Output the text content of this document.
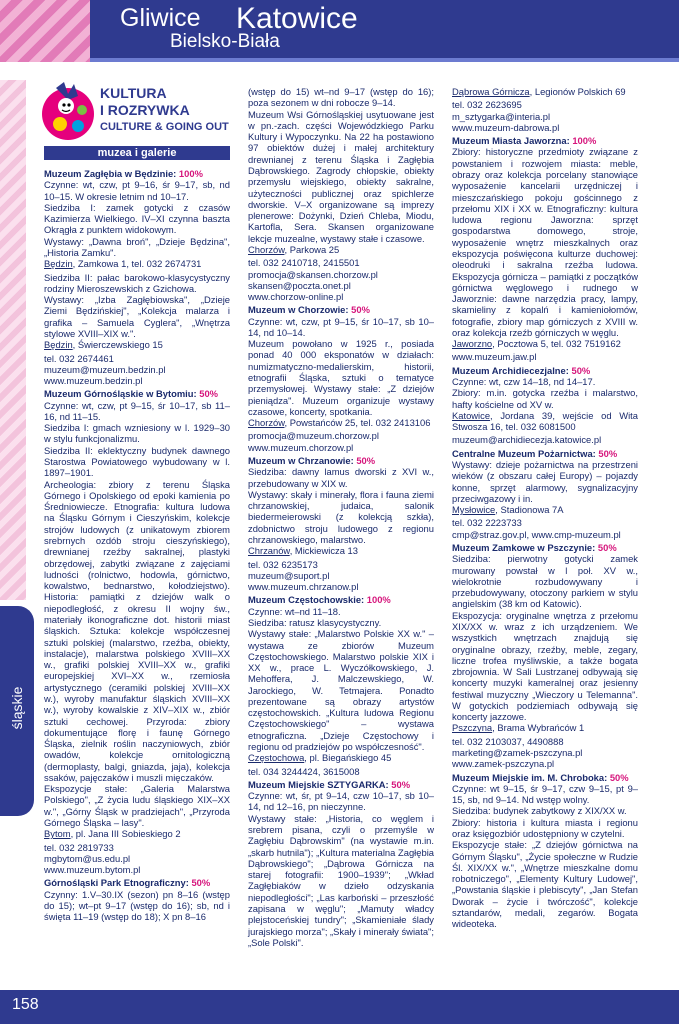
Gliwice Katowice
Bielsko-Biała
śląskie
KULTURA
I ROZRYWKA
CULTURE & GOING OUT
muzea i galerie

Muzeum Zagłębia w Będzinie: 100%

Czynne: wt, czw, pt 9–16, śr 9–17, sb, nd 10–15. W okresie letnim nd 10–17.

Siedziba I: zamek gotycki z czasów Kazimierza Wielkiego. IV–XI czynna baszta Okrągła z punktem widokowym.

Wystawy: „Dawna broń", „Dzieje Będzina", „Historia Zamku".

Będzin, Zamkowa 1, tel. 032 2674731

Siedziba II: pałac barokowo-klasycystyczny rodziny Mieroszewskich z Gzichowa.

Wystawy: „Izba Zagłębiowska", „Dzieje Ziemi Będzińskiej", „Kolekcja malarza i grafika – Samuela Cyglera", „Wnętrza stylowe XVIII–XIX w.".

Będzin, Świerczewskiego 15

tel. 032 2674461

muzeum@muzeum.bedzin.pl

www.muzeum.bedzin.pl

Muzeum Górnośląskie w Bytomiu: 50%

Czynne: wt, czw, pt 9–15, śr 10–17, sb 11–16, nd 11–15.

Siedziba I: gmach wzniesiony w l. 1929–30 w stylu funkcjonalizmu.

Siedziba II: eklektyczny budynek dawnego Starostwa Powiatowego wybudowany w l. 1897–1901.

Archeologia: zbiory z terenu Śląska Górnego i Opolskiego od epoki kamienia po Średniowiecze. Etnografia: kultura ludowa na Śląsku Górnym i Cieszyńskim, kolekcje strojów ludowych (z unikatowym zbiorem srebrnych ozdób stroju cieszyńskiego), drewnianej rzeźby sakralnej, plastyki obrzędowej, zabytki związane z zajęciami ludności (rolnictwo, hodowla, górnictwo, kowalstwo, bednarstwo, kołodziejstwo). Historia: pamiątki z dziejów walk o niepodległość, z okresu II wojny św., materiały ikonograficzne dot. historii miast śląskich. Sztuka: kolekcje współczesnej sztuki polskiej (malarstwo, rzeźba, obiekty, instalacje), malarstwa polskiego XVIII–XX w., grafiki polskiej XVIII–XX w., grafiki europejskiej XVI–XX w., rzemiosła artystycznego (ceramiki polskiej XVIII–XX w.), wyroby manufaktur śląskich XVIII–XX w.), wyroby kowalskie z XIV–XIX w., zbiór sztuki cechowej. Przyroda: zbiory dokumentujące florę i faunę Górnego Śląska, zielnik roślin naczyniowych, zbiór owadów, kolekcje ornitologiczną (dermoplasty, balgi, gniazda, jaja), kolekcja ssaków, pajęczaków i muszli mięczaków.

Ekspozycje stałe: „Galeria Malarstwa Polskiego", „Z życia ludu śląskiego XIX–XX w.", „Górny Śląsk w pradziejach", „Przyroda Górnego Śląska – lasy".

Bytom, pl. Jana III Sobieskiego 2

tel. 032 2819733

mgbytom@us.edu.pl

www.muzeum.bytom.pl

Górnośląski Park Etnograficzny: 50%

Czynny: 1.V–30.IX (sezon) pn 8–16 (wstęp do 15); wt–pt 9–17 (wstęp do 16); sb, nd i święta 11–19 (wstęp do 18); X pn 8–16

(wstęp do 15) wt–nd 9–17 (wstęp do 16); poza sezonem w dni robocze 9–14.

Muzeum Wsi Górnośląskiej usytuowane jest w pn.-zach. części Wojewódzkiego Parku Kultury i Wypoczynku. Na 22 ha postawiono 97 obiektów dużej i małej architektury drewnianej z terenu Śląska i Zagłębia Dąbrowskiego. Zagrody chłopskie, obiekty przemysłu wiejskiego, obiekty sakralne, użyteczności publicznej oraz spichlerze dworskie. V–X organizowane są imprezy plenerowe: Dożynki, Dzień Chleba, Miodu, Kartofla, Sera. Skansen organizowane lekcje muzealne, wystawy stałe i czasowe.

Chorzów, Parkowa 25

tel. 032 2410718, 2415501

promocja@skansen.chorzow.pl

skansen@poczta.onet.pl

www.chorzow-online.pl

Muzeum w Chorzowie: 50%

Czynne: wt, czw, pt 9–15, śr 10–17, sb 10–14, nd 10–14.

Muzeum powołano w 1925 r., posiada ponad 40 000 eksponatów w działach: numizmatyczno-medalierskim, historii, etnografii Śląska, sztuki o tematyce przemysłowej. Wystawy stałe: „Z dziejów pieniądza". Muzeum organizuje wystawy czasowe, koncerty, spotkania.

Chorzów, Powstańców 25, tel. 032 2413106

promocja@muzeum.chorzow.pl

www.muzeum.chorzow.pl

Muzeum w Chrzanowie: 50%

Siedziba: dawny lamus dworski z XVI w., przebudowany w XIX w.

Wystawy: skały i minerały, flora i fauna ziemi chrzanowskiej, judaica, salonik biedermeierowski (z kolekcją szkła), zdobnictwo stroju ludowego z regionu chrzanowskiego, malarstwo.

Chrzanów, Mickiewicza 13

tel. 032 6235173

muzeum@suport.pl

www.muzeum.chrzanow.pl

Muzeum Częstochowskie: 100%

Czynne: wt–nd 11–18.

Siedziba: ratusz klasycystyczny.

Wystawy stałe: „Malarstwo Polskie XX w." – wystawa ze zbiorów Muzeum Częstochowskiego. Malarstwo polskie XIX i XX w., prace L. Wyczółkowskiego, J. Mehoffera, J. Malczewskiego, W. Jarockiego, W. Tetmajera. Ponadto prezentowane są obrazy artystów częstochowskich. „Kultura ludowa Regionu Częstochowskiego" – wystawa etnograficzna. „Dzieje Częstochowy i regionu od pradziejów po współczesność".

Częstochowa, pl. Biegańskiego 45

tel. 034 3244424, 3615008

Muzeum Miejskie SZTYGARKA: 50%

Czynne: wt, śr, pt 9–14, czw 10–17, sb 10–14, nd 12–16, pn nieczynne.

Wystawy stałe: „Historia, co węglem i srebrem pisana, czyli o przemyśle w Zagłębiu Dąbrowskim" (na wystawie m.in. „skarb hutnila"); „Kultura materialna Zagłębia Dąbrowskiego"; „Dąbrowa Górnicza na starej fotografii: 1900–1939"; „Wkład Zagłębiaków w dzieło odzyskania niepodległości"; „Las karboński – przeszłość zapisana w węglu"; „Mamuty władcy plejstoceńskiej tundry"; „Skamieniałe ślady jurajskiego morza"; „Skały i minerały świata"; „Sole Polski".

Dąbrowa Górnicza, Legionów Polskich 69

tel. 032 2623695

m_sztygarka@interia.pl

www.muzeum-dabrowa.pl

Muzeum Miasta Jaworzna: 100%

Zbiory: historyczne przedmioty związane z powstaniem i rozwojem miasta: meble, obrazy oraz kolekcja porcelany stanowiące wyposażenie kancelarii urzędniczej i mieszczańskiego pokoju gościnnego z przełomu XIX i XX w. Etnograficzny: kultura ludowa regionu Jaworzna: sprzęt gospodarstwa domowego, stroje, wyposażenie wnętrz mieszkalnych oraz ekspozycja poświęcona kulturze duchowej: oleodruki i sakralna rzeźba ludowa. Ekspozycja górnicza – pamiątki z początków górnictwa węglowego i rudnego w Jaworznie: dawne narzędzia pracy, lampy, skamieliny z kopalń i kamieniołomów, fotografie, zbiory map górniczych z XVIII w. oraz kolekcja rzeźb górniczych w węglu.

Jaworzno, Pocztowa 5, tel. 032 7519162

www.muzeum.jaw.pl

Muzeum Archidiecezjalne: 50%

Czynne: wt, czw 14–18, nd 14–17.

Zbiory: m.in. gotycka rzeźba i malarstwo, hafty kościelne od XV w.

Katowice, Jordana 39, wejście od Wita Stwosza 16, tel. 032 6081500

muzeum@archidiecezja.katowice.pl

Centralne Muzeum Pożarnictwa: 50%

Wystawy: dzieje pożarnictwa na przestrzeni wieków (z obszaru całej Europy) – pojazdy konne, sprzęt alarmowy, sygnalizacyjny przeciwgazowy i in.

Mysłowice, Stadionowa 7A

tel. 032 2223733

cmp@straz.gov.pl, www.cmp-muzeum.pl

Muzeum Zamkowe w Pszczynie: 50%

Siedziba: pierwotny gotycki zamek murowany powstał w l poł. XV w., wielokrotnie rozbudowywany i przebudowywany, otoczony parkiem w stylu angielskim (38 km od Katowic).

Ekspozycja: oryginalne wnętrza z przełomu XIX/XX w. wraz z ich urządzeniem. We wszystkich wnętrzach znajdują się oryginalne obrazy, rzeźby, meble, zegary, liczne trofea myśliwskie, a także bogata zbrojownia. W Sali Lustrzanej odbywają się koncerty muzyki kameralnej oraz jesienny festiwal muzyczny „Wieczory u Telemanna". W gotyckich podziemiach odbywają się koncerty jazzowe.

Pszczyna, Brama Wybrańców 1

tel. 032 2103037, 4490888

marketing@zamek-pszczyna.pl

www.zamek-pszczyna.pl

Muzeum Miejskie im. M. Chroboka: 50%

Czynne: wt 9–15, śr 9–17, czw 9–15, pt 9–15, sb, nd 9–14. Nd wstęp wolny.

Siedziba: budynek zabytkowy z XIX/XX w.

Zbiory: historia i kultura miasta i regionu oraz księgozbiór udostępniony w czytelni.

Ekspozycje stałe: „Z dziejów górnictwa na Górnym Śląsku", „Życie społeczne w Rudzie Śl. XIX/XX w.", „Wnętrze mieszkalne domu robotniczego", „Elementy Kultury Ludowej", „Powstania śląskie i plebiscyty", „Jan Stefan Dworak – życie i twórczość", kolekcje sztandarów, medali, zegarów. Bogata wideoteka.

158
